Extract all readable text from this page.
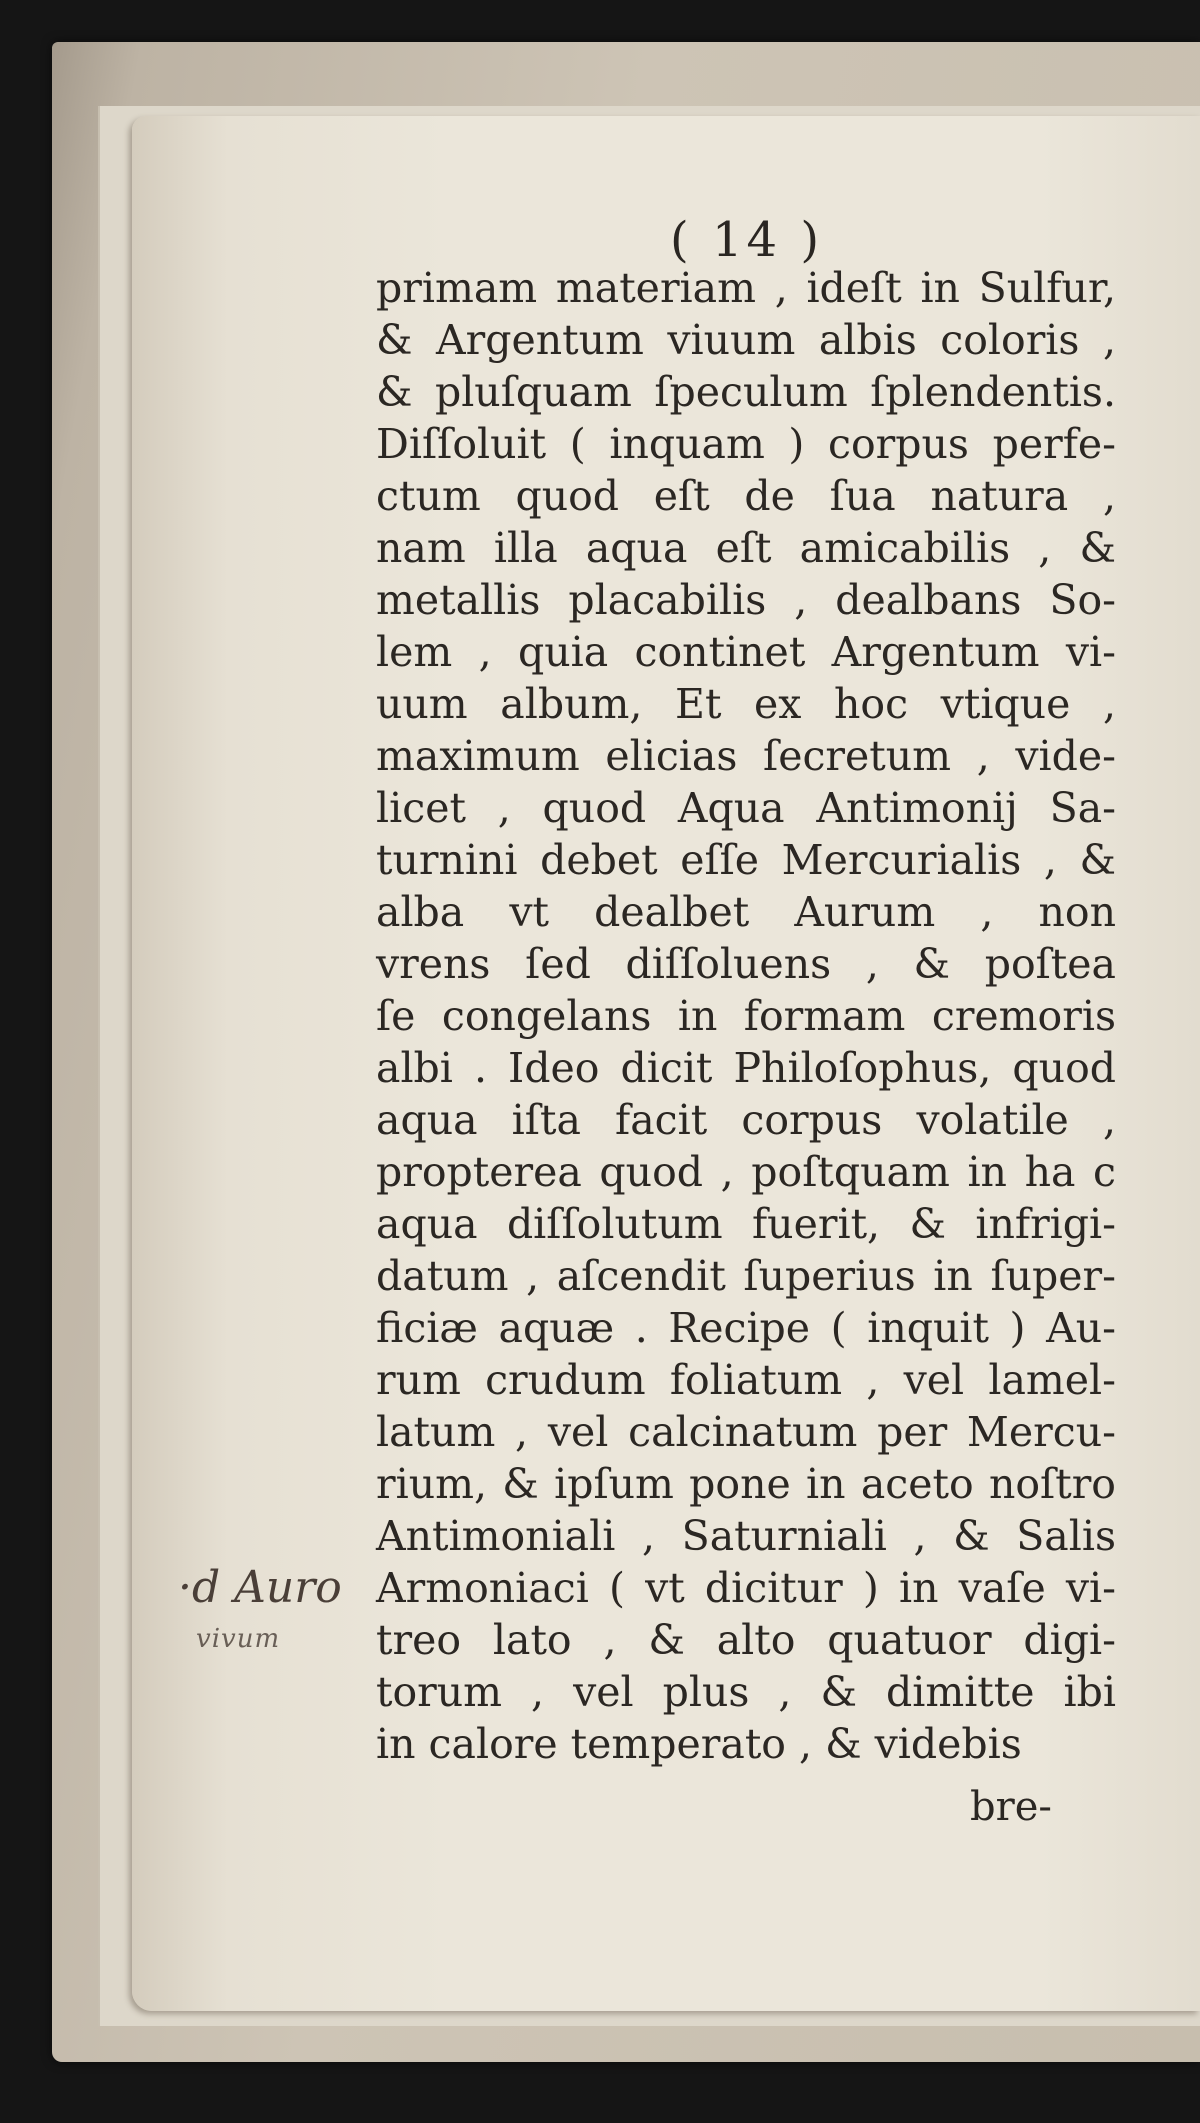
( 14 )
primam materiam , ideſt in Sulfur,
& Argentum viuum albis coloris ,
& pluſquam ſpeculum ſplendentis.
Diſſoluit ( inquam ) corpus perfe-
ctum quod eſt de ſua natura ,
nam illa aqua eſt amicabilis , &
metallis placabilis , dealbans So-
lem , quia continet Argentum vi-
uum album, Et ex hoc vtique ,
maximum elicias ſecretum , vide-
licet , quod Aqua Antimonij Sa-
turnini debet eſſe Mercurialis , &
alba vt dealbet Aurum , non
vrens ſed diſſoluens , & poſtea
ſe congelans in formam cremoris
albi . Ideo dicit Philoſophus, quod
aqua iſta facit corpus volatile ,
propterea quod , poſtquam in ha c
aqua diſſolutum fuerit, & infrigi-
datum , aſcendit ſuperius in ſuper-
ficiæ aquæ . Recipe ( inquit ) Au-
rum crudum foliatum , vel lamel-
latum , vel calcinatum per Mercu-
rium, & ipſum pone in aceto noſtro
Antimoniali , Saturniali , & Salis
Armoniaci ( vt dicitur ) in vaſe vi-
treo lato , & alto quatuor digi-
torum , vel plus , & dimitte ibi
in calore temperato , & videbis
bre-
·d Auro
vivum
